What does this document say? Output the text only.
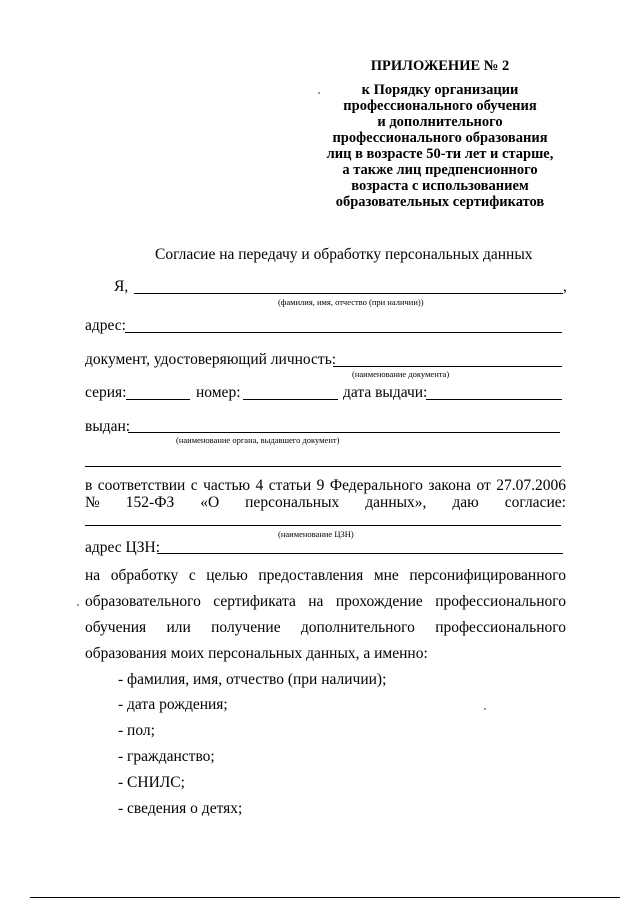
ПРИЛОЖЕНИЕ № 2
к Порядку организации
профессионального обучения
и дополнительного
профессионального образования
лиц в возрасте 50-ти лет и старше,
а также лиц предпенсионного
возраста с использованием
образовательных сертификатов
Согласие на передачу и обработку персональных данных
Я,	,
(фамилия, имя, отчество (при наличии))
адрес:
документ, удостоверяющий личность:
(наименование документа)
серия:	номер:	дата выдачи:
выдан:
(наименование органа, выдавшего документ)
в соответствии с частью 4 статьи 9 Федерального закона от 27.07.2006
№ 152-ФЗ «О персональных данных», даю согласие:
(наименование ЦЗН)
адрес ЦЗН:
на обработку с целью предоставления мне персонифицированного
образовательного сертификата на прохождение профессионального
обучения или получение дополнительного профессионального
образования моих персональных данных, а именно:
- фамилия, имя, отчество (при наличии);
- дата рождения;
- пол;
- гражданство;
- СНИЛС;
- сведения о детях;
